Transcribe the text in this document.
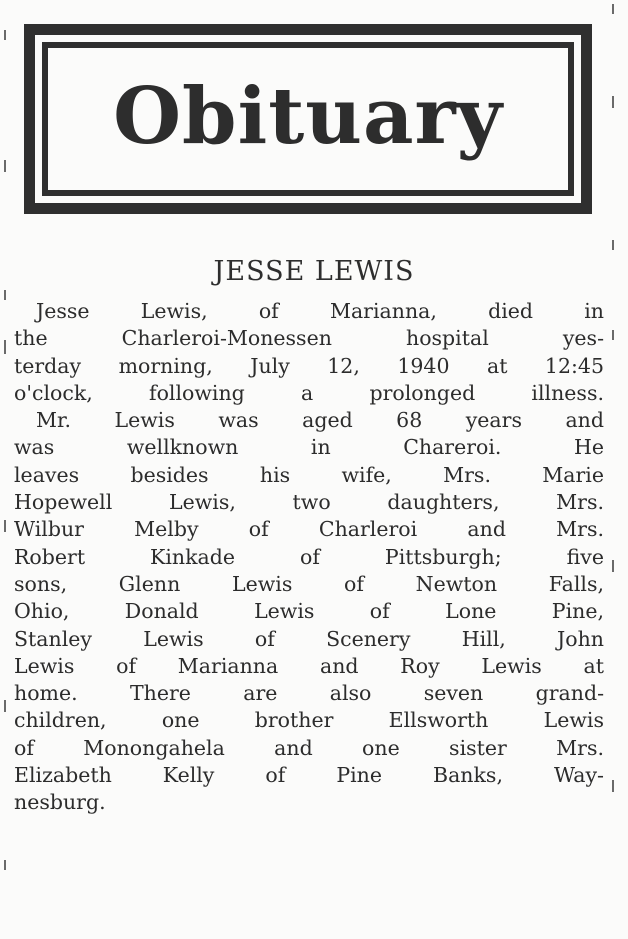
Obituary
JESSE LEWIS
Jesse Lewis, of Marianna, died in
the Charleroi-Monessen hospital yes-
terday morning, July 12, 1940 at 12:45
o'clock, following a prolonged illness.
Mr. Lewis was aged 68 years and
was wellknown in Chareroi. He
leaves besides his wife, Mrs. Marie
Hopewell Lewis, two daughters, Mrs.
Wilbur Melby of Charleroi and Mrs.
Robert Kinkade of Pittsburgh; five
sons, Glenn Lewis of Newton Falls,
Ohio, Donald Lewis of Lone Pine,
Stanley Lewis of Scenery Hill, John
Lewis of Marianna and Roy Lewis at
home. There are also seven grand-
children, one brother Ellsworth Lewis
of Monongahela and one sister Mrs.
Elizabeth Kelly of Pine Banks, Way-
nesburg.
